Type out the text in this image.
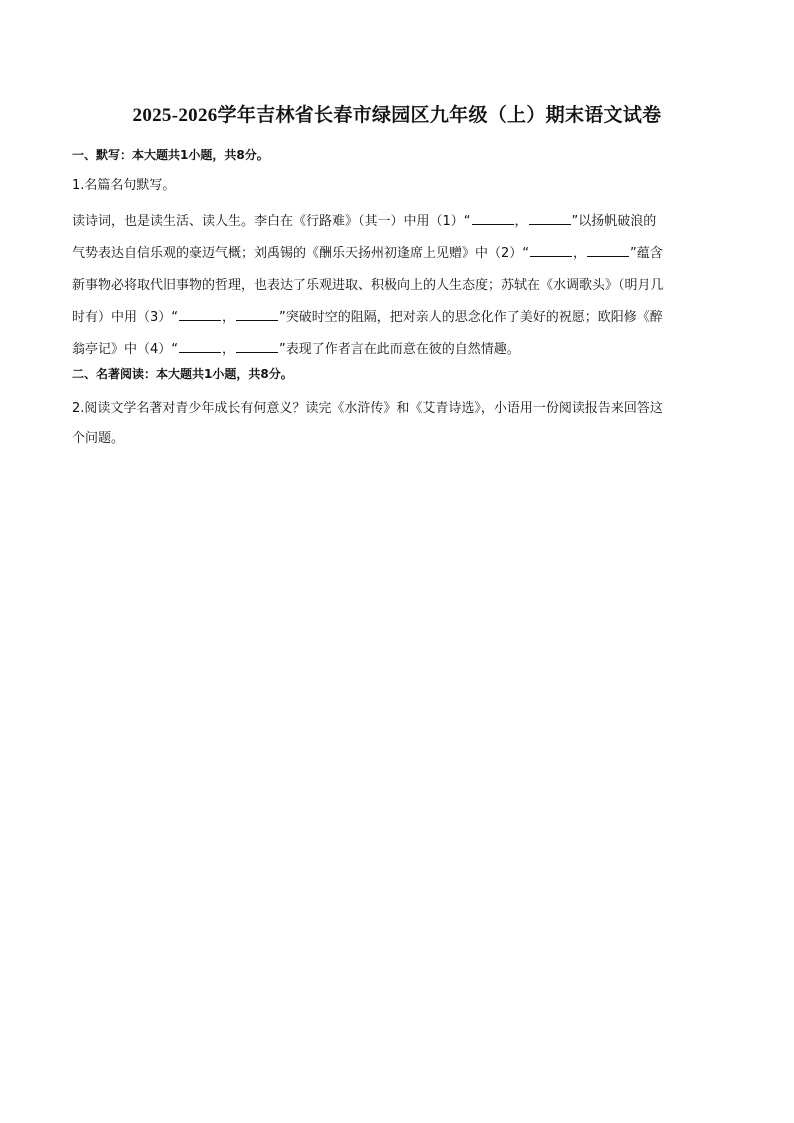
2025-2026学年吉林省长春市绿园区九年级（上）期末语文试卷
一、默写：本大题共1小题，共8分。
1.名篇名句默写。
读诗词，也是读生活、读人生。李白在《行路难》（其一）中用（1）“	，	”以扬帆破浪的
气势表达自信乐观的豪迈气概；刘禹锡的《酬乐天扬州初逢席上见赠》中（2）“	，	”蕴含
新事物必将取代旧事物的哲理，也表达了乐观进取、积极向上的人生态度；苏轼在《水调歌头》（明月几
时有）中用（3）“	，	”突破时空的阻隔，把对亲人的思念化作了美好的祝愿；欧阳修《醉
翁亭记》中（4）“	，	”表现了作者言在此而意在彼的自然情趣。
二、名著阅读：本大题共1小题，共8分。
2.阅读文学名著对青少年成长有何意义？读完《水浒传》和《艾青诗选》，小语用一份阅读报告来回答这
个问题。
